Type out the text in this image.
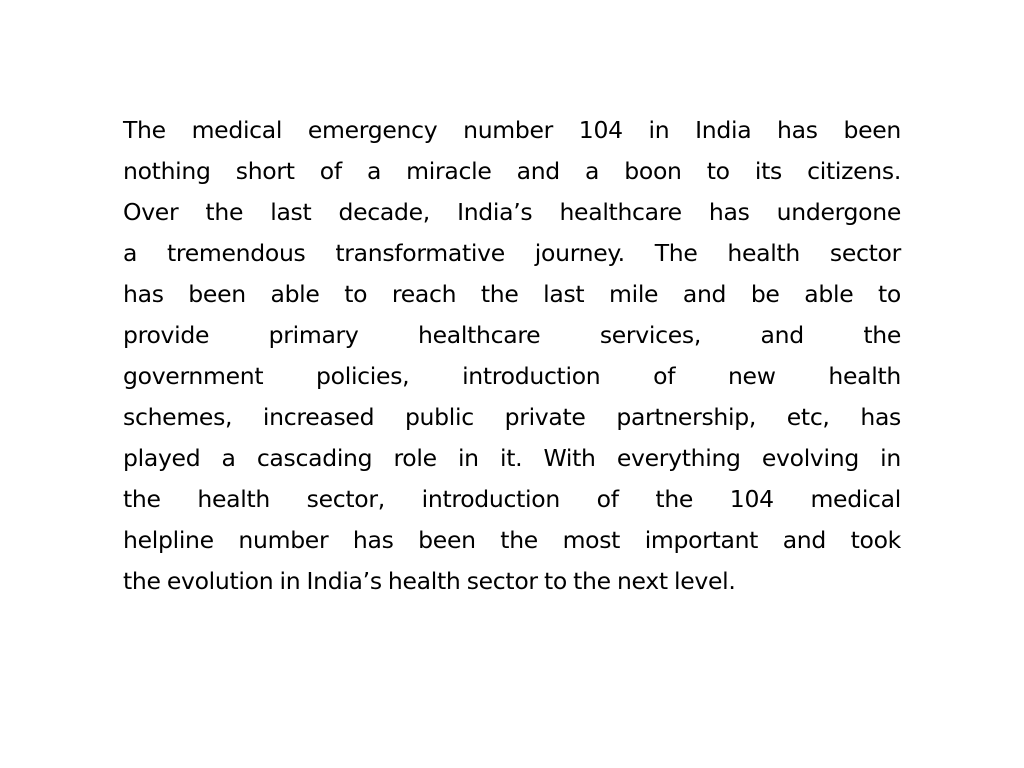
The medical emergency number 104 in India has been
nothing short of a miracle and a boon to its citizens.
Over the last decade, India’s healthcare has undergone
a tremendous transformative journey. The health sector
has been able to reach the last mile and be able to
provide primary healthcare services, and the
government policies, introduction of new health
schemes, increased public private partnership, etc, has
played a cascading role in it. With everything evolving in
the health sector, introduction of the 104 medical
helpline number has been the most important and took
the evolution in India’s health sector to the next level.
